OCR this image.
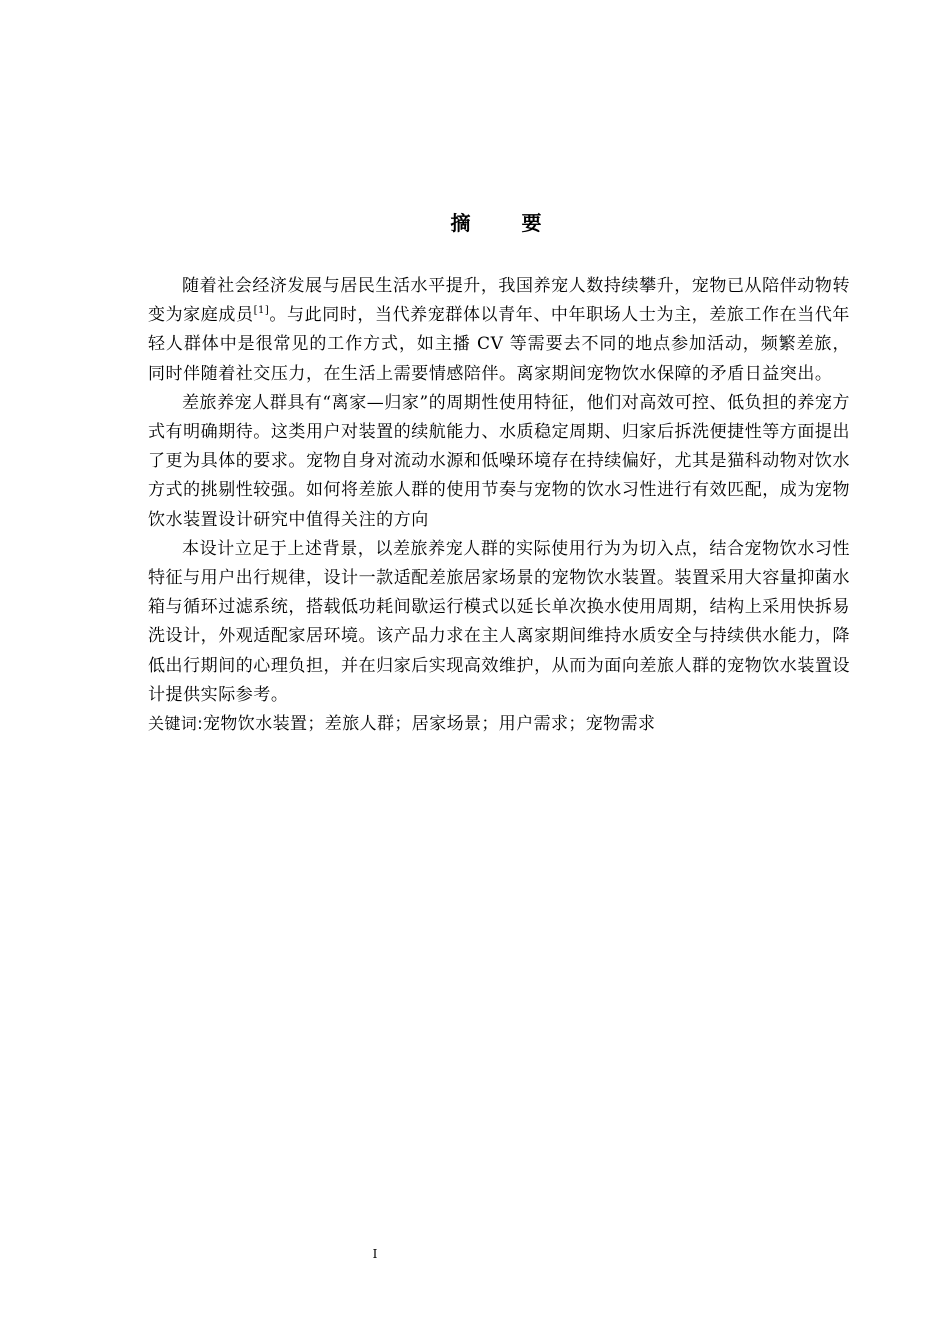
摘 要

随着社会经济发展与居民生活水平提升，我国养宠人数持续攀升，宠物已从陪伴动物转变为家庭成员[1]。与此同时，当代养宠群体以青年、中年职场人士为主，差旅工作在当代年轻人群体中是很常见的工作方式，如主播 CV 等需要去不同的地点参加活动，频繁差旅，同时伴随着社交压力，在生活上需要情感陪伴。离家期间宠物饮水保障的矛盾日益突出。

差旅养宠人群具有“离家—归家”的周期性使用特征，他们对高效可控、低负担的养宠方式有明确期待。这类用户对装置的续航能力、水质稳定周期、归家后拆洗便捷性等方面提出了更为具体的要求。宠物自身对流动水源和低噪环境存在持续偏好，尤其是猫科动物对饮水方式的挑剔性较强。如何将差旅人群的使用节奏与宠物的饮水习性进行有效匹配，成为宠物饮水装置设计研究中值得关注的方向

本设计立足于上述背景，以差旅养宠人群的实际使用行为为切入点，结合宠物饮水习性特征与用户出行规律，设计一款适配差旅居家场景的宠物饮水装置。装置采用大容量抑菌水箱与循环过滤系统，搭载低功耗间歇运行模式以延长单次换水使用周期，结构上采用快拆易洗设计，外观适配家居环境。该产品力求在主人离家期间维持水质安全与持续供水能力，降低出行期间的心理负担，并在归家后实现高效维护，从而为面向差旅人群的宠物饮水装置设计提供实际参考。

关键词:宠物饮水装置；差旅人群；居家场景；用户需求；宠物需求

I
